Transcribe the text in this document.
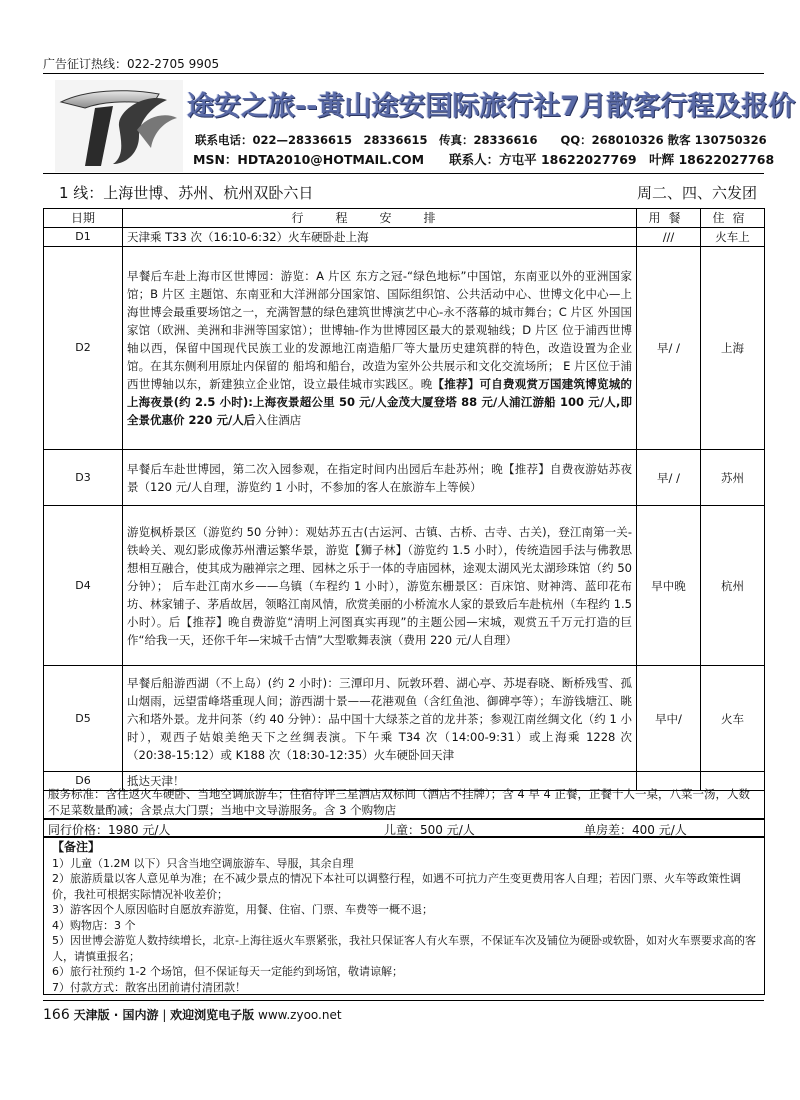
广告征订热线：022-2705 9905
途安之旅--黄山途安国际旅行社7月散客行程及报价
联系电话：022—28336615　28336615　传真：28336616　　QQ：268010326 散客 130750326
MSN：HDTA2010@HOTMAIL.COM　　联系人：方屯平 18622027769　叶辉 18622027768
1 线：上海世博、苏州、杭州双卧六日	周二、四、六发团
日期	行程安排	用餐	住宿
D1	天津乘 T33 次（16:10-6:32）火车硬卧赴上海	///	火车上
D2	早餐后车赴上海市区世博园：游览：A 片区 东方之冠-“绿色地标”中国馆，东南亚以外的亚洲国家馆；B 片区 主题馆、东南亚和大洋洲部分国家馆、国际组织馆、公共活动中心、世博文化中心—上海世博会最重要场馆之一，充满智慧的绿色建筑世博演艺中心-永不落幕的城市舞台；C 片区 外国国家馆（欧洲、美洲和非洲等国家馆）；世博轴-作为世博园区最大的景观轴线；D 片区 位于浦西世博轴以西，保留中国现代民族工业的发源地江南造船厂等大量历史建筑群的特色，改造设置为企业馆。在其东侧利用原址内保留的 船坞和船台，改造为室外公共展示和文化交流场所； E 片区位于浦西世博轴以东，新建独立企业馆，设立最佳城市实践区。晚【推荐】可自费观赏万国建筑博览城的上海夜景(约 2.5 小时):上海夜景超公里 50 元/人金茂大厦登塔 88 元/人浦江游船 100 元/人,即全景优惠价 220 元/人后入住酒店	早/ /	上海
D3	早餐后车赴世博园，第二次入园参观，在指定时间内出园后车赴苏州；晚【推荐】自费夜游姑苏夜景（120 元/人自理，游览约 1 小时，不参加的客人在旅游车上等候）	早/ /	苏州
D4	游览枫桥景区（游览约 50 分钟）：观姑苏五古(古运河、古镇、古桥、古寺、古关)，登江南第一关-铁岭关、观幻影成像苏州漕运繁华景，游览【狮子林】（游览约 1.5 小时），传统造园手法与佛教思想相互融合，使其成为融禅宗之理、园林之乐于一体的寺庙园林，途观太湖风光太湖珍珠馆（约 50 分钟）； 后车赴江南水乡——乌镇（车程约 1 小时），游览东栅景区：百床馆、财神湾、蓝印花布坊、林家铺子、茅盾故居，领略江南风情，欣赏美丽的小桥流水人家的景致后车赴杭州（车程约 1.5 小时）。后【推荐】晚自费游览“清明上河图真实再现”的主题公园—宋城，观赏五千万元打造的巨作“给我一天，还你千年—宋城千古情”大型歌舞表演（费用 220 元/人自理）	早中晚	杭州
D5	早餐后船游西湖（不上岛）(约 2 小时)：三潭印月、阮敦环碧、湖心亭、苏堤春晓、断桥残雪、孤山烟雨，远望雷峰塔重现人间；游西湖十景——花港观鱼（含红鱼池、御碑亭等）；车游钱塘江、眺六和塔外景。龙井问茶（约 40 分钟）：品中国十大绿茶之首的龙井茶；参观江南丝绸文化（约 1 小时），观西子姑娘美绝天下之丝绸表演。下午乘 T34 次（14:00-9:31）或上海乘 1228 次（20:38-15:12）或 K188 次（18:30-12:35）火车硬卧回天津	早中/	火车
D6	抵达天津！		
服务标准：含往返火车硬卧、当地空调旅游车；住宿待评三星酒店双标间（酒店不挂牌）；含 4 早 4 正餐，正餐十人一桌，八菜一汤，人数不足菜数量酌减；含景点大门票；当地中文导游服务。含 3 个购物店
同行价格：1980 元/人	儿童：500 元/人	单房差：400 元/人
【备注】
1）儿童（1.2M 以下）只含当地空调旅游车、导服，其余自理
2）旅游质量以客人意见单为准；在不减少景点的情况下本社可以调整行程，如遇不可抗力产生变更费用客人自理；若因门票、火车等政策性调价，我社可根据实际情况补收差价；
3）游客因个人原因临时自愿放弃游览，用餐、住宿、门票、车费等一概不退；
4）购物店：3 个
5）因世博会游览人数持续增长，北京-上海往返火车票紧张，我社只保证客人有火车票，不保证车次及铺位为硬卧或软卧，如对火车票要求高的客人，请慎重报名；
6）旅行社预约 1-2 个场馆，但不保证每天一定能约到场馆，敬请谅解；
7）付款方式：散客出团前请付清团款！
166 天津版 · 国内游 | 欢迎浏览电子版 www.zyoo.net
